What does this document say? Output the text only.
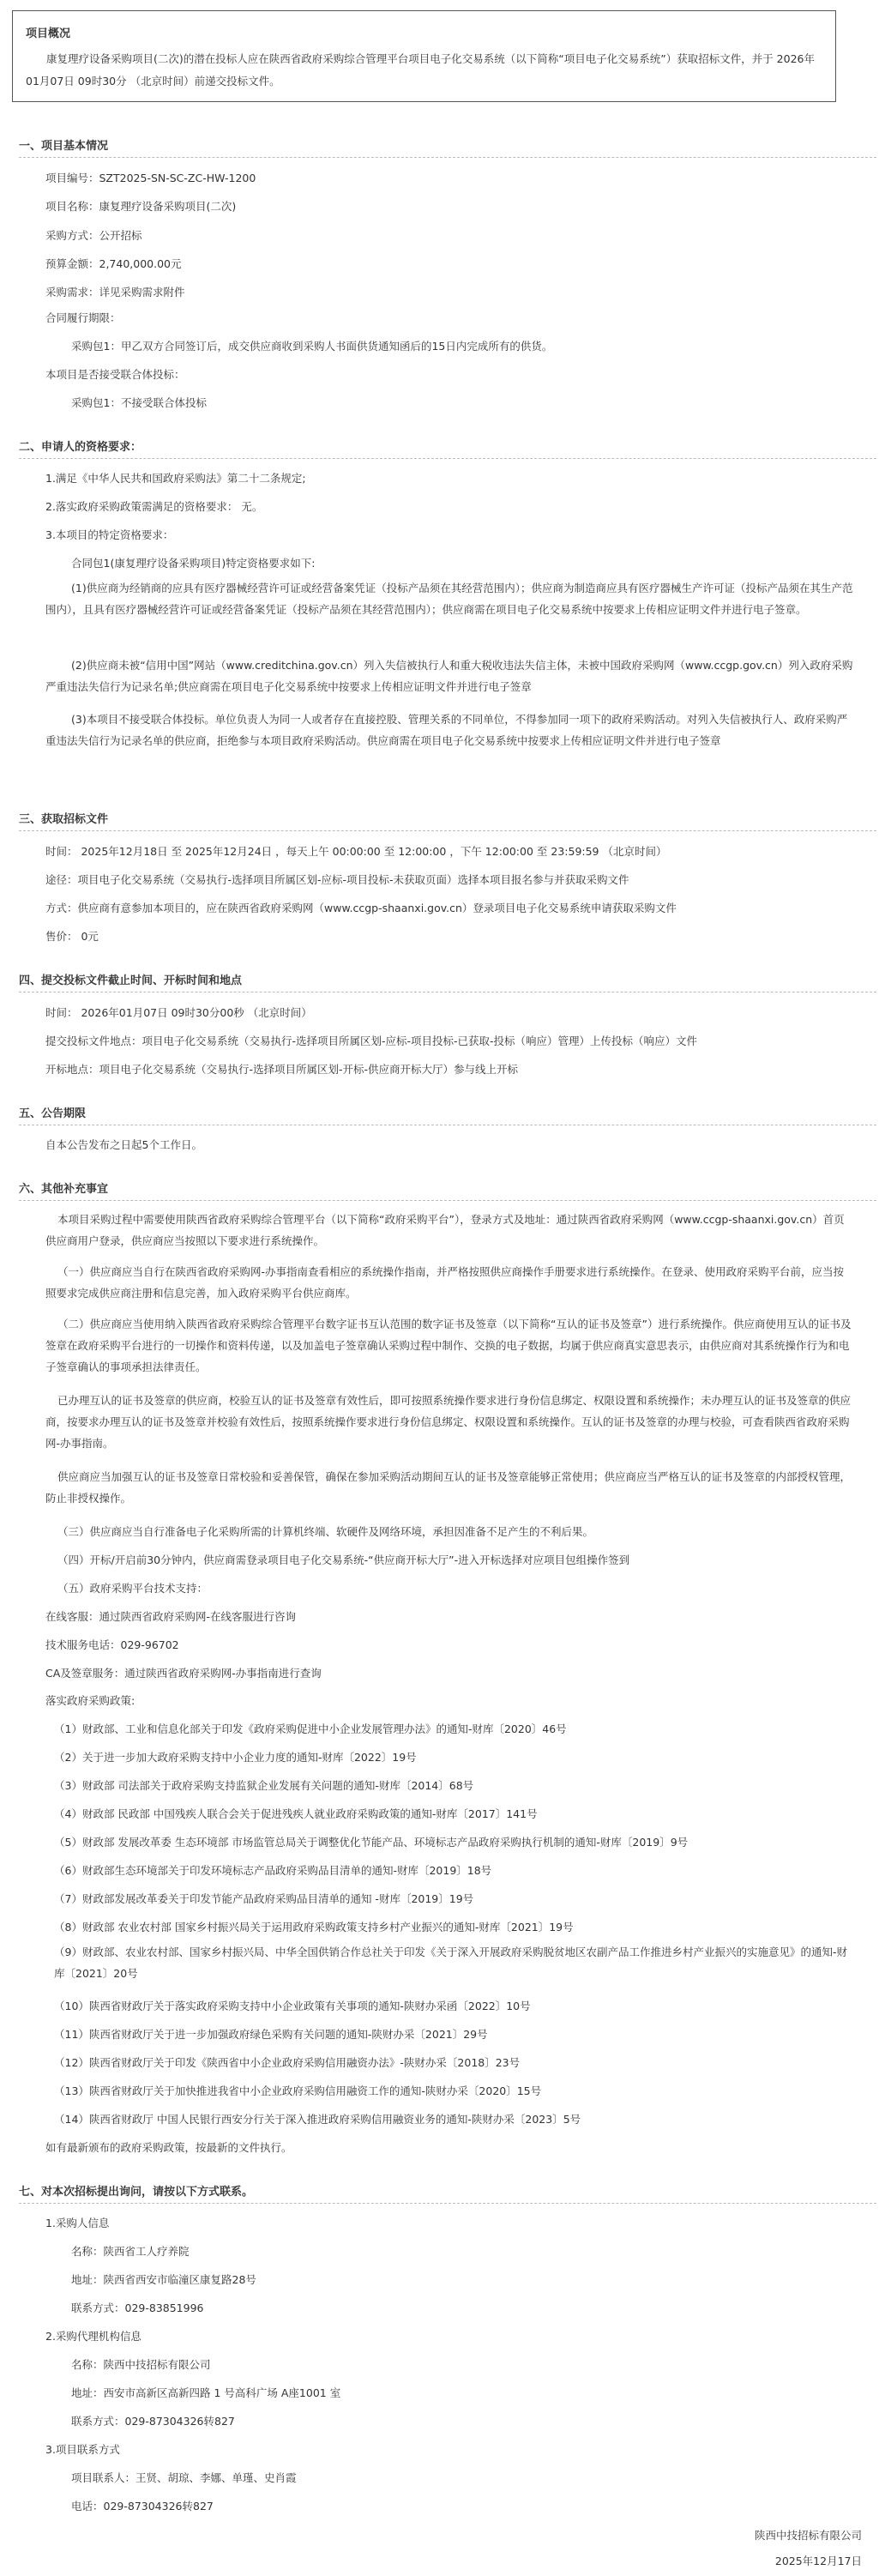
项目概况

康复理疗设备采购项目(二次)的潜在投标人应在陕西省政府采购综合管理平台项目电子化交易系统（以下简称“项目电子化交易系统”）获取招标文件，并于 2026年01月07日 09时30分 （北京时间）前递交投标文件。

一、项目基本情况

项目编号：SZT2025-SN-SC-ZC-HW-1200

项目名称：康复理疗设备采购项目(二次)

采购方式：公开招标

预算金额：2,740,000.00元

采购需求：详见采购需求附件

合同履行期限：

采购包1：甲乙双方合同签订后，成交供应商收到采购人书面供货通知函后的15日内完成所有的供货。

本项目是否接受联合体投标：

采购包1：不接受联合体投标

二、申请人的资格要求：

1.满足《中华人民共和国政府采购法》第二十二条规定;

2.落实政府采购政策需满足的资格要求： 无。

3.本项目的特定资格要求：

合同包1(康复理疗设备采购项目)特定资格要求如下:

(1)供应商为经销商的应具有医疗器械经营许可证或经营备案凭证（投标产品须在其经营范围内）；供应商为制造商应具有医疗器械生产许可证（投标产品须在其生产范围内），且具有医疗器械经营许可证或经营备案凭证（投标产品须在其经营范围内）；供应商需在项目电子化交易系统中按要求上传相应证明文件并进行电子签章。

(2)供应商未被“信用中国”网站（www.creditchina.gov.cn）列入失信被执行人和重大税收违法失信主体，未被中国政府采购网（www.ccgp.gov.cn）列入政府采购严重违法失信行为记录名单;供应商需在项目电子化交易系统中按要求上传相应证明文件并进行电子签章

(3)本项目不接受联合体投标。单位负责人为同一人或者存在直接控股、管理关系的不同单位，不得参加同一项下的政府采购活动。对列入失信被执行人、政府采购严重违法失信行为记录名单的供应商，拒绝参与本项目政府采购活动。供应商需在项目电子化交易系统中按要求上传相应证明文件并进行电子签章

三、获取招标文件

时间： 2025年12月18日 至 2025年12月24日 ，每天上午 00:00:00 至 12:00:00 ，下午 12:00:00 至 23:59:59 （北京时间）

途径：项目电子化交易系统（交易执行-选择项目所属区划-应标-项目投标-未获取页面）选择本项目报名参与并获取采购文件

方式：供应商有意参加本项目的，应在陕西省政府采购网（www.ccgp-shaanxi.gov.cn）登录项目电子化交易系统申请获取采购文件

售价： 0元

四、提交投标文件截止时间、开标时间和地点

时间： 2026年01月07日 09时30分00秒 （北京时间）

提交投标文件地点：项目电子化交易系统（交易执行-选择项目所属区划-应标-项目投标-已获取-投标（响应）管理）上传投标（响应）文件

开标地点：项目电子化交易系统（交易执行-选择项目所属区划-开标-供应商开标大厅）参与线上开标

五、公告期限

自本公告发布之日起5个工作日。

六、其他补充事宜

本项目采购过程中需要使用陕西省政府采购综合管理平台（以下简称“政府采购平台”），登录方式及地址：通过陕西省政府采购网（www.ccgp-shaanxi.gov.cn）首页供应商用户登录，供应商应当按照以下要求进行系统操作。

（一）供应商应当自行在陕西省政府采购网-办事指南查看相应的系统操作指南，并严格按照供应商操作手册要求进行系统操作。在登录、使用政府采购平台前，应当按照要求完成供应商注册和信息完善，加入政府采购平台供应商库。

（二）供应商应当使用纳入陕西省政府采购综合管理平台数字证书互认范围的数字证书及签章（以下简称“互认的证书及签章”）进行系统操作。供应商使用互认的证书及签章在政府采购平台进行的一切操作和资料传递，以及加盖电子签章确认采购过程中制作、交换的电子数据，均属于供应商真实意思表示，由供应商对其系统操作行为和电子签章确认的事项承担法律责任。

已办理互认的证书及签章的供应商，校验互认的证书及签章有效性后，即可按照系统操作要求进行身份信息绑定、权限设置和系统操作；未办理互认的证书及签章的供应商，按要求办理互认的证书及签章并校验有效性后，按照系统操作要求进行身份信息绑定、权限设置和系统操作。互认的证书及签章的办理与校验，可查看陕西省政府采购网-办事指南。

供应商应当加强互认的证书及签章日常校验和妥善保管，确保在参加采购活动期间互认的证书及签章能够正常使用；供应商应当严格互认的证书及签章的内部授权管理，防止非授权操作。

（三）供应商应当自行准备电子化采购所需的计算机终端、软硬件及网络环境，承担因准备不足产生的不利后果。

（四）开标/开启前30分钟内，供应商需登录项目电子化交易系统-“供应商开标大厅”-进入开标选择对应项目包组操作签到

（五）政府采购平台技术支持：

在线客服：通过陕西省政府采购网-在线客服进行咨询

技术服务电话：029-96702

CA及签章服务：通过陕西省政府采购网-办事指南进行查询

落实政府采购政策:

（1）财政部、工业和信息化部关于印发《政府采购促进中小企业发展管理办法》的通知-财库〔2020〕46号

（2）关于进一步加大政府采购支持中小企业力度的通知-财库〔2022〕19号

（3）财政部 司法部关于政府采购支持监狱企业发展有关问题的通知-财库〔2014〕68号

（4）财政部 民政部 中国残疾人联合会关于促进残疾人就业政府采购政策的通知-财库〔2017〕141号

（5）财政部 发展改革委 生态环境部 市场监管总局关于调整优化节能产品、环境标志产品政府采购执行机制的通知-财库〔2019〕9号

（6）财政部生态环境部关于印发环境标志产品政府采购品目清单的通知-财库〔2019〕18号

（7）财政部发展改革委关于印发节能产品政府采购品目清单的通知 -财库〔2019〕19号

（8）财政部 农业农村部 国家乡村振兴局关于运用政府采购政策支持乡村产业振兴的通知-财库〔2021〕19号

（9）财政部、农业农村部、国家乡村振兴局、中华全国供销合作总社关于印发《关于深入开展政府采购脱贫地区农副产品工作推进乡村产业振兴的实施意见》的通知-财库〔2021〕20号

（10）陕西省财政厅关于落实政府采购支持中小企业政策有关事项的通知-陕财办采函〔2022〕10号

（11）陕西省财政厅关于进一步加强政府绿色采购有关问题的通知-陕财办采〔2021〕29号

（12）陕西省财政厅关于印发《陕西省中小企业政府采购信用融资办法》-陕财办采〔2018〕23号

（13）陕西省财政厅关于加快推进我省中小企业政府采购信用融资工作的通知-陕财办采〔2020〕15号

（14）陕西省财政厅 中国人民银行西安分行关于深入推进政府采购信用融资业务的通知-陕财办采〔2023〕5号

如有最新颁布的政府采购政策，按最新的文件执行。

七、对本次招标提出询问，请按以下方式联系。

1.采购人信息

名称：陕西省工人疗养院

地址：陕西省西安市临潼区康复路28号

联系方式：029-83851996

2.采购代理机构信息

名称：陕西中技招标有限公司

地址：西安市高新区高新四路 1 号高科广场 A座1001 室

联系方式：029-87304326转827

3.项目联系方式

项目联系人：王贤、胡琼、李娜、单瑾、史肖霞

电话：029-87304326转827

陕西中技招标有限公司

2025年12月17日
